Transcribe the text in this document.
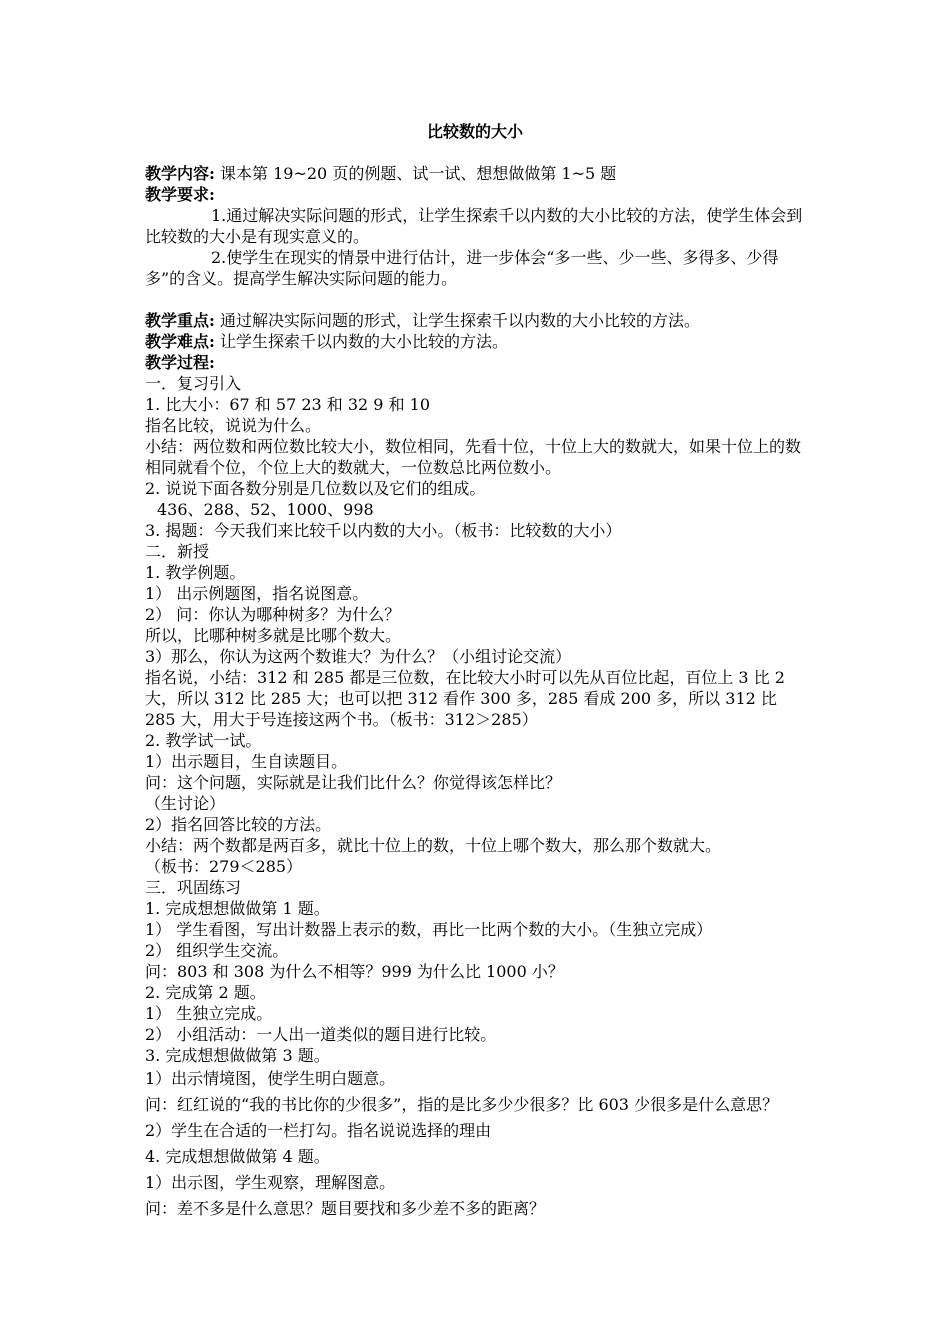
比较数的大小
教学内容: 课本第 19~20 页的例题、试一试、想想做做第 1~5 题
教学要求:
1.通过解决实际问题的形式，让学生探索千以内数的大小比较的方法，使学生体会到比较数的大小是有现实意义的。
2.使学生在现实的情景中进行估计，进一步体会“多一些、少一些、多得多、少得多”的含义。提高学生解决实际问题的能力。
教学重点: 通过解决实际问题的形式，让学生探索千以内数的大小比较的方法。
教学难点: 让学生探索千以内数的大小比较的方法。
教学过程:
一．复习引入
1. 比大小：67 和 57 23 和 32 9 和 10
指名比较，说说为什么。
小结：两位数和两位数比较大小，数位相同，先看十位，十位上大的数就大，如果十位上的数相同就看个位，个位上大的数就大，一位数总比两位数小。
2. 说说下面各数分别是几位数以及它们的组成。
436、288、52、1000、998
3. 揭题：今天我们来比较千以内数的大小。（板书：比较数的大小）
二．新授
1. 教学例题。
1） 出示例题图，指名说图意。
2） 问：你认为哪种树多？为什么？
所以，比哪种树多就是比哪个数大。
3）那么，你认为这两个数谁大？为什么？（小组讨论交流）
指名说，小结：312 和 285 都是三位数，在比较大小时可以先从百位比起，百位上 3 比 2 大，所以 312 比 285 大；也可以把 312 看作 300 多，285 看成 200 多，所以 312 比 285 大，用大于号连接这两个书。（板书：312＞285）
2. 教学试一试。
1）出示题目，生自读题目。
问：这个问题，实际就是让我们比什么？你觉得该怎样比？
（生讨论）
2）指名回答比较的方法。
小结：两个数都是两百多，就比十位上的数，十位上哪个数大，那么那个数就大。
（板书：279＜285）
三．巩固练习
1. 完成想想做做第 1 题。
1） 学生看图，写出计数器上表示的数，再比一比两个数的大小。（生独立完成）
2） 组织学生交流。
问：803 和 308 为什么不相等？999 为什么比 1000 小？
2. 完成第 2 题。
1） 生独立完成。
2） 小组活动：一人出一道类似的题目进行比较。
3. 完成想想做做第 3 题。
1）出示情境图，使学生明白题意。
问：红红说的“我的书比你的少很多”，指的是比多少少很多？比 603 少很多是什么意思？
2）学生在合适的一栏打勾。指名说说选择的理由
4. 完成想想做做第 4 题。
1）出示图，学生观察，理解图意。
问：差不多是什么意思？题目要找和多少差不多的距离？
